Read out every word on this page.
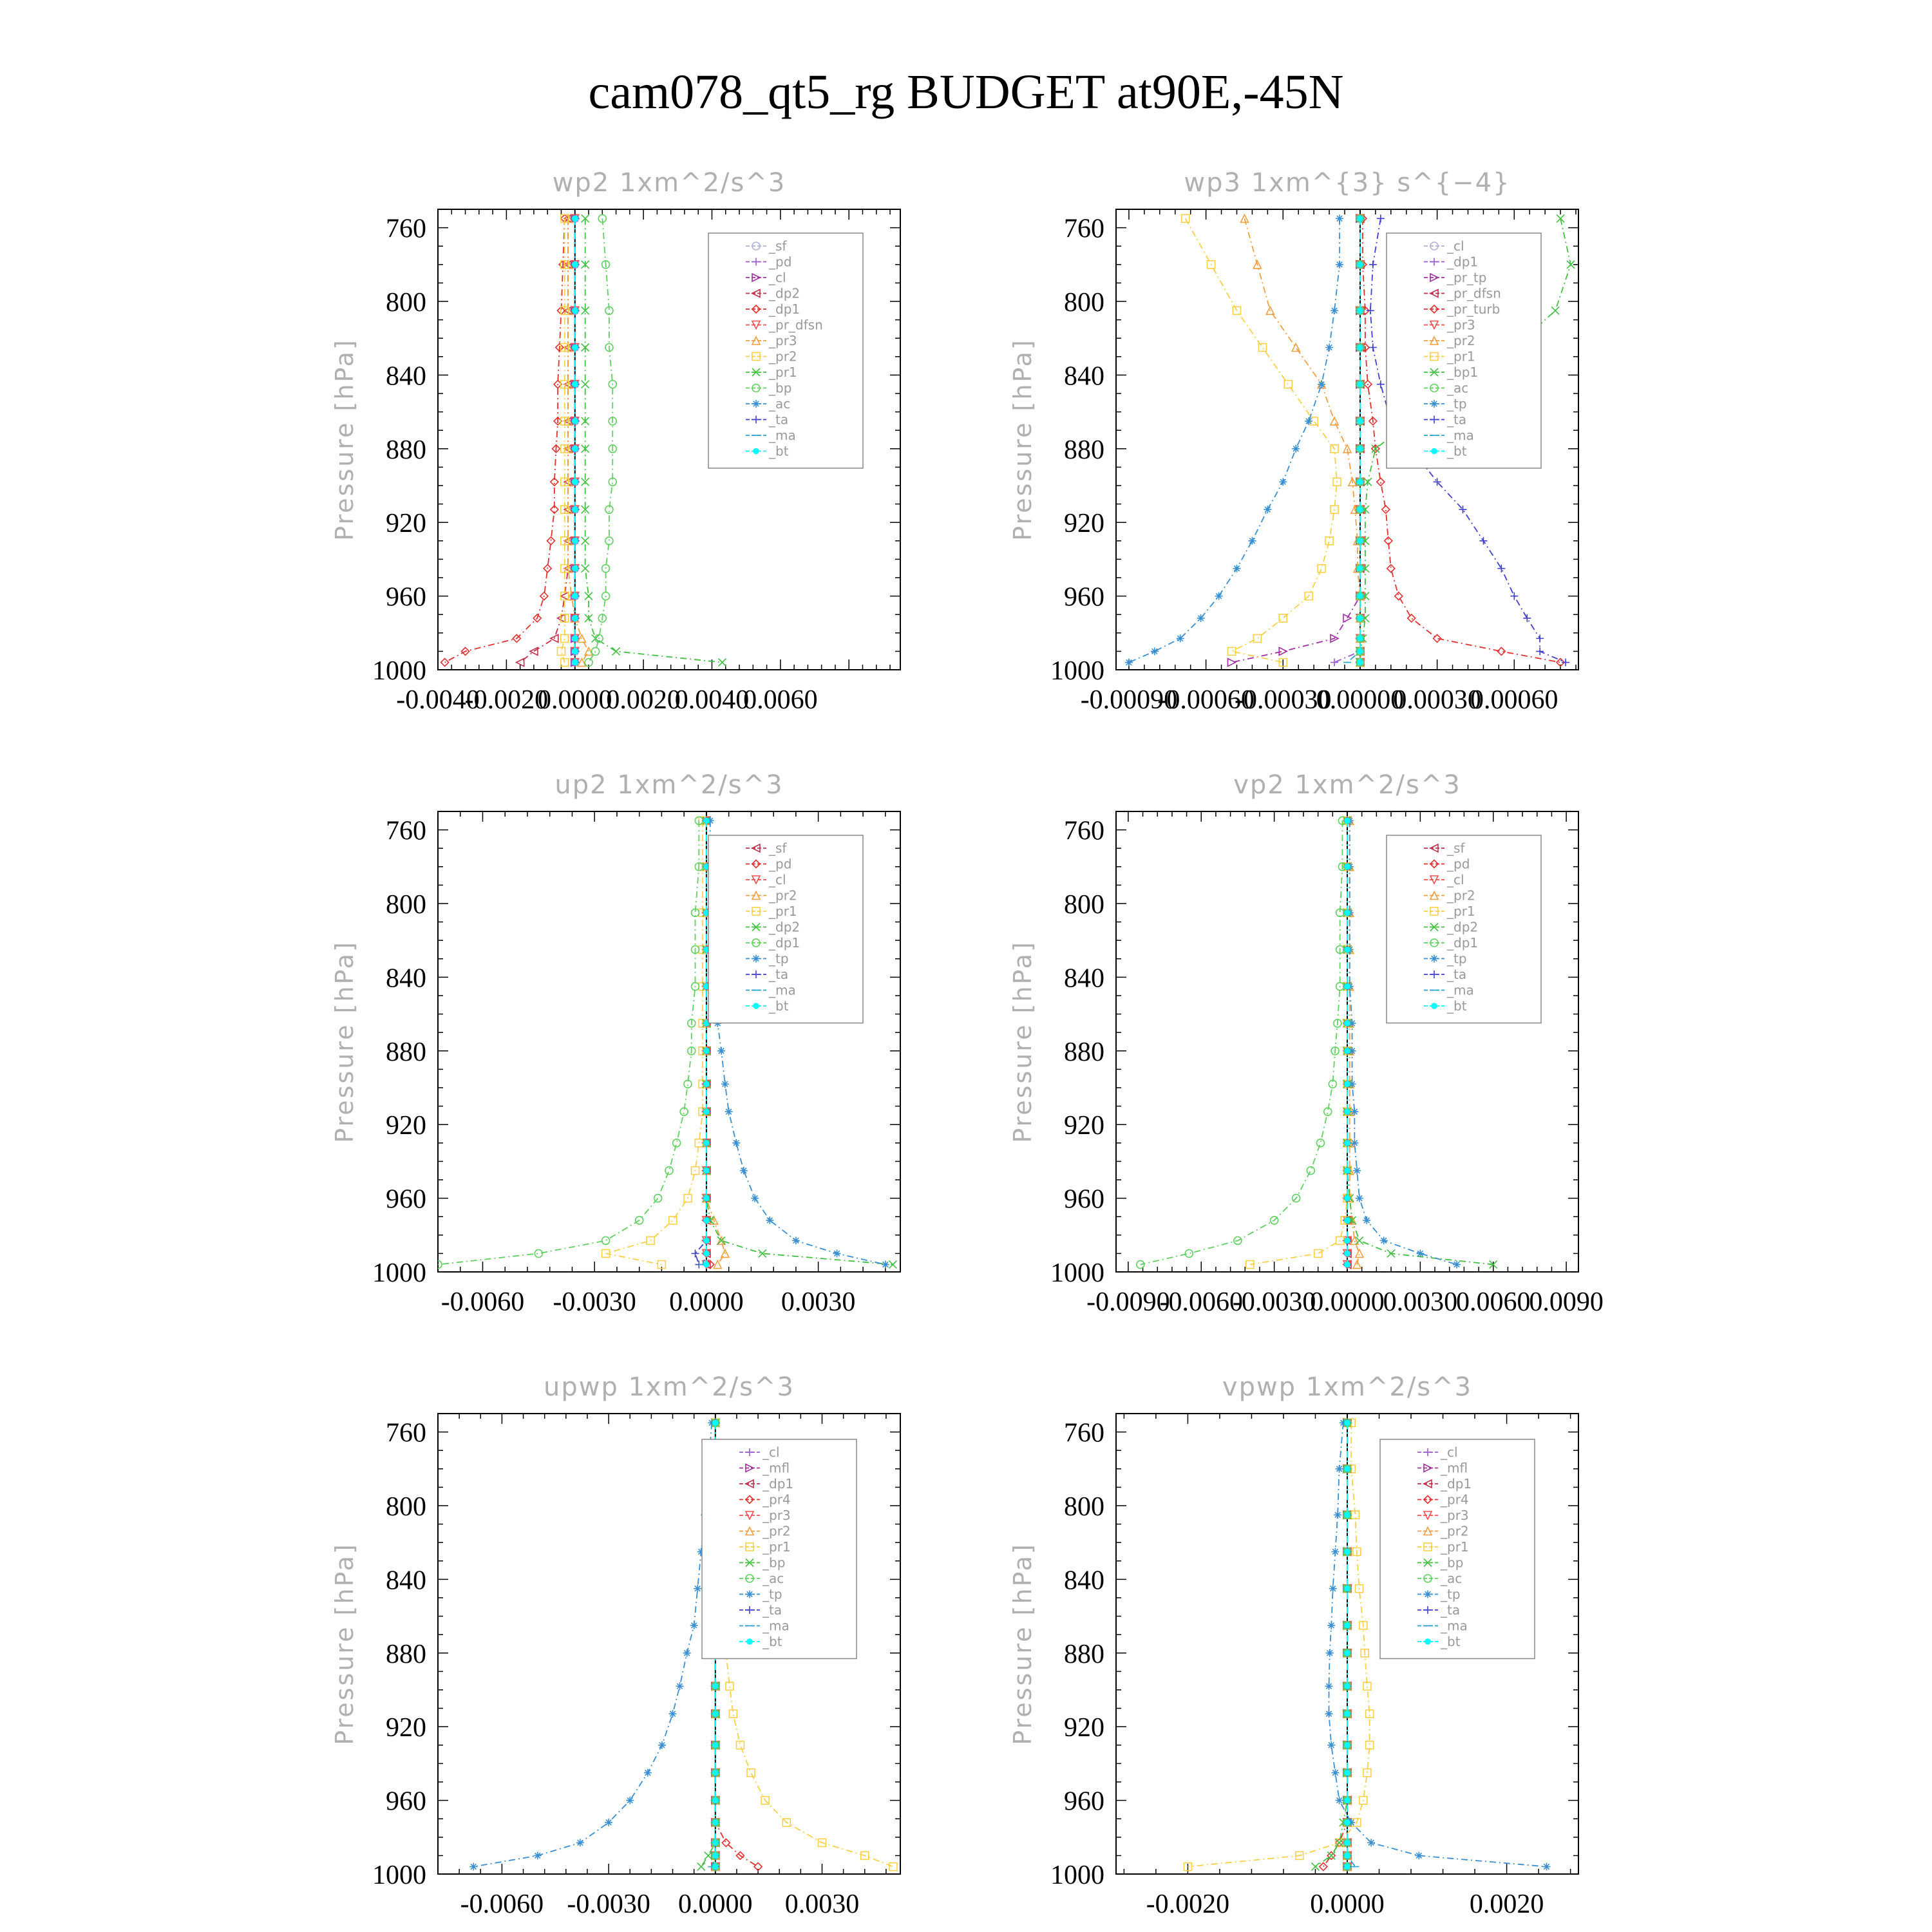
cam078_qt5_rg BUDGET at90E,-45N
wp2 1xm^2/s^3
Pressure [hPa]
760
800
840
880
920
960
1000
-0.0040
-0.0020
0.0000
0.0020
0.0040
0.0060
_sf
_pd
_cl
_dp2
_dp1
_pr_dfsn
_pr3
_pr2
_pr1
_bp
_ac
_ta
_ma
_bt
wp3 1xm^{3} s^{−4}
Pressure [hPa]
760
800
840
880
920
960
1000
-0.00090
-0.00060
-0.00030
0.00000
0.00030
0.00060
_cl
_dp1
_pr_tp
_pr_dfsn
_pr_turb
_pr3
_pr2
_pr1
_bp1
_ac
_tp
_ta
_ma
_bt
up2 1xm^2/s^3
Pressure [hPa]
760
800
840
880
920
960
1000
-0.0060 -0.0030 0.0000 0.0030
_sf
_pd
_cl
_pr2
_pr1
_dp2
_dp1
_tp
_ta
_ma
_bt
vp2 1xm^2/s^3
Pressure [hPa]
760
800
840
880
920
960
1000
-0.0090
-0.0060
-0.0030
0.0000
0.0030
0.0060
0.0090
_sf
_pd
_cl
_pr2
_pr1
_dp2
_dp1
_tp
_ta
_ma
_bt
upwp 1xm^2/s^3
Pressure [hPa]
760
800
840
880
920
960
1000
-0.0060 -0.0030 0.0000 0.0030
_cl
_mfl
_dp1
_pr4
_pr3
_pr2
_pr1
_bp
_ac
_tp
_ta
_ma
_bt
vpwp 1xm^2/s^3
Pressure [hPa]
760
800
840
880
920
960
1000
-0.0020	0.0000	0.0020
_cl
_mfl
_dp1
_pr4
_pr3
_pr2
_pr1
_bp
_ac
_tp
_ta
_ma
_bt
